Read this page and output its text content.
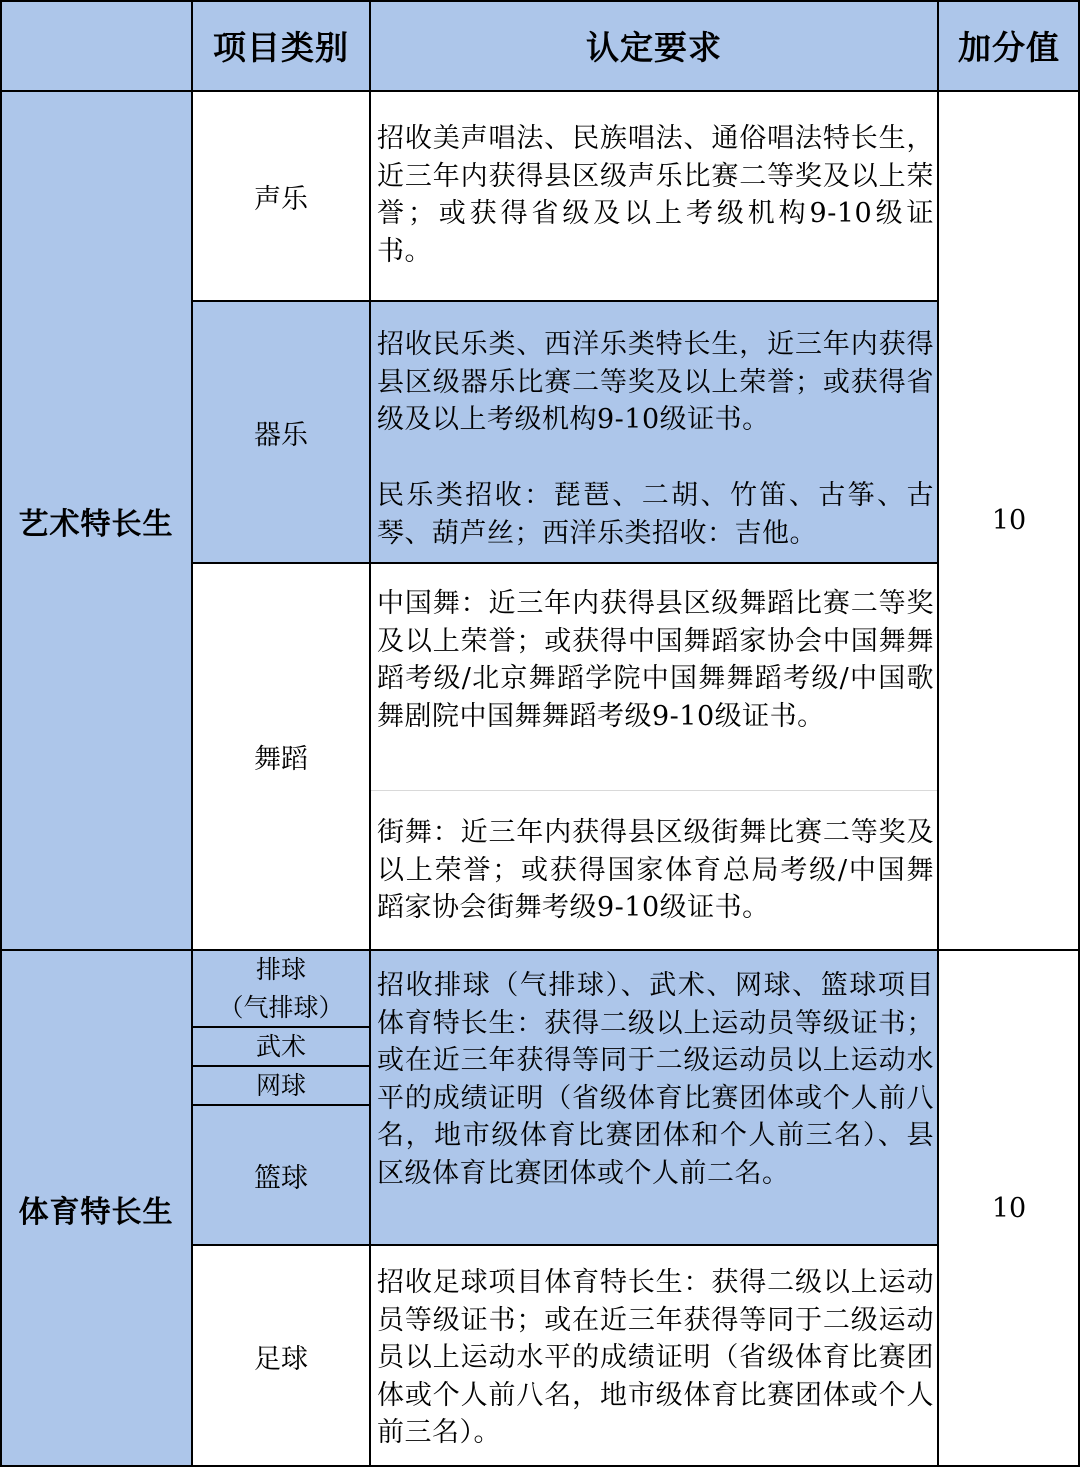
项目类别	认定要求	加分值
艺术特长生
声乐
招收美声唱法、民族唱法、通俗唱法特长生，近三年内获得县区级声乐比赛二等奖及以上荣誉；或获得省级及以上考级机构9-10级证书。
器乐
招收民乐类、西洋乐类特长生，近三年内获得县区级器乐比赛二等奖及以上荣誉；或获得省级及以上考级机构9-10级证书。
民乐类招收：琵琶、二胡、竹笛、古筝、古琴、葫芦丝；西洋乐类招收：吉他。
舞蹈
中国舞：近三年内获得县区级舞蹈比赛二等奖及以上荣誉；或获得中国舞蹈家协会中国舞舞蹈考级/北京舞蹈学院中国舞舞蹈考级/中国歌舞剧院中国舞舞蹈考级9-10级证书。
街舞：近三年内获得县区级街舞比赛二等奖及以上荣誉；或获得国家体育总局考级/中国舞蹈家协会街舞考级9-10级证书。
10
体育特长生
排球
（气排球）
武术
网球
篮球
招收排球（气排球）、武术、网球、篮球项目体育特长生：获得二级以上运动员等级证书；或在近三年获得等同于二级运动员以上运动水平的成绩证明（省级体育比赛团体或个人前八名，地市级体育比赛团体和个人前三名）、县区级体育比赛团体或个人前二名。
足球
招收足球项目体育特长生：获得二级以上运动员等级证书；或在近三年获得等同于二级运动员以上运动水平的成绩证明（省级体育比赛团体或个人前八名，地市级体育比赛团体或个人前三名）。
10
